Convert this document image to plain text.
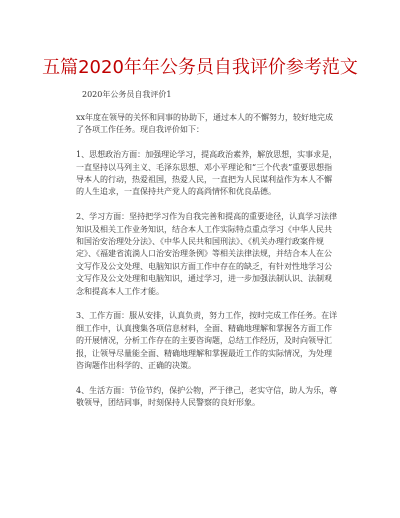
五篇2020年年公务员自我评价参考范文
2020年公务员自我评价1

xx年度在领导的关怀和同事的协助下，通过本人的不懈努力，较好地完成了各项工作任务。现自我评价如下：

1、思想政治方面：加强理论学习，提高政治素养，解放思想，实事求是，一直坚持以马列主义、毛泽东思想、邓小平理论和“三个代表”重要思想指导本人的行动，热爱祖国，热爱人民，一直把为人民谋利益作为本人不懈的人生追求，一直保持共产党人的高尚情怀和优良品德。

2、学习方面：坚持把学习作为自我完善和提高的重要途径，认真学习法律知识及相关工作业务知识，结合本人工作实际特点重点学习《中华人民共和国治安治理处分法》、《中华人民共和国刑法》、《机关办理行政案件规定》、《福建省流淌人口治安治理条例》等相关法律法规，并结合本人在公文写作及公文处理、电脑知识方面工作中存在的缺乏，有针对性地学习公文写作及公文处理和电脑知识，通过学习，进一步加强法制认识、法制观念和提高本人工作才能。

3、工作方面：服从安排，认真负责，努力工作，按时完成工作任务。在详细工作中，认真搜集各项信息材料，全面、精确地理解和掌握各方面工作的开展情况，分析工作存在的主要咨询题，总结工作经历，及时向领导汇报，让领导尽量能全面、精确地理解和掌握最近工作的实际情况，为处理咨询题作出科学的、正确的决策。

4、生活方面：节俭节约，保护公物，严于律己，老实守信，助人为乐，尊敬领导，团结同事，时刻保持人民警察的良好形象。
